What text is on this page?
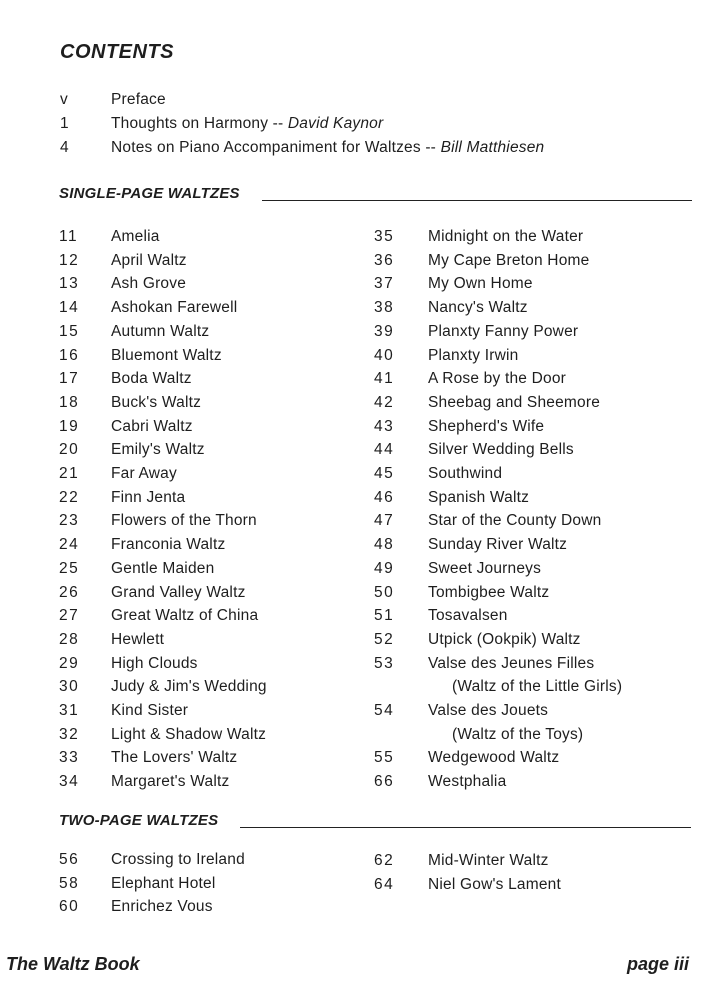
CONTENTS
v	Preface
1	Thoughts on Harmony -- David Kaynor
4	Notes on Piano Accompaniment for Waltzes -- Bill Matthiesen
SINGLE-PAGE WALTZES
11 Amelia
12 April Waltz
13 Ash Grove
14 Ashokan Farewell
15 Autumn Waltz
16 Bluemont Waltz
17 Boda Waltz
18 Buck's Waltz
19 Cabri Waltz
20 Emily's Waltz
21 Far Away
22 Finn Jenta
23 Flowers of the Thorn
24 Franconia Waltz
25 Gentle Maiden
26 Grand Valley Waltz
27 Great Waltz of China
28 Hewlett
29 High Clouds
30 Judy & Jim's Wedding
31 Kind Sister
32 Light & Shadow Waltz
33 The Lovers' Waltz
34 Margaret's Waltz
35 Midnight on the Water
36 My Cape Breton Home
37 My Own Home
38 Nancy's Waltz
39 Planxty Fanny Power
40 Planxty Irwin
41 A Rose by the Door
42 Sheebag and Sheemore
43 Shepherd's Wife
44 Silver Wedding Bells
45 Southwind
46 Spanish Waltz
47 Star of the County Down
48 Sunday River Waltz
49 Sweet Journeys
50 Tombigbee Waltz
51 Tosavalsen
52 Utpick (Ookpik) Waltz
53 Valse des Jeunes Filles
(Waltz of the Little Girls)
54 Valse des Jouets
(Waltz of the Toys)
55 Wedgewood Waltz
66 Westphalia
TWO-PAGE WALTZES
56 Crossing to Ireland
58 Elephant Hotel
60 Enrichez Vous
62 Mid-Winter Waltz
64 Niel Gow's Lament
The Waltz Book	page iii
